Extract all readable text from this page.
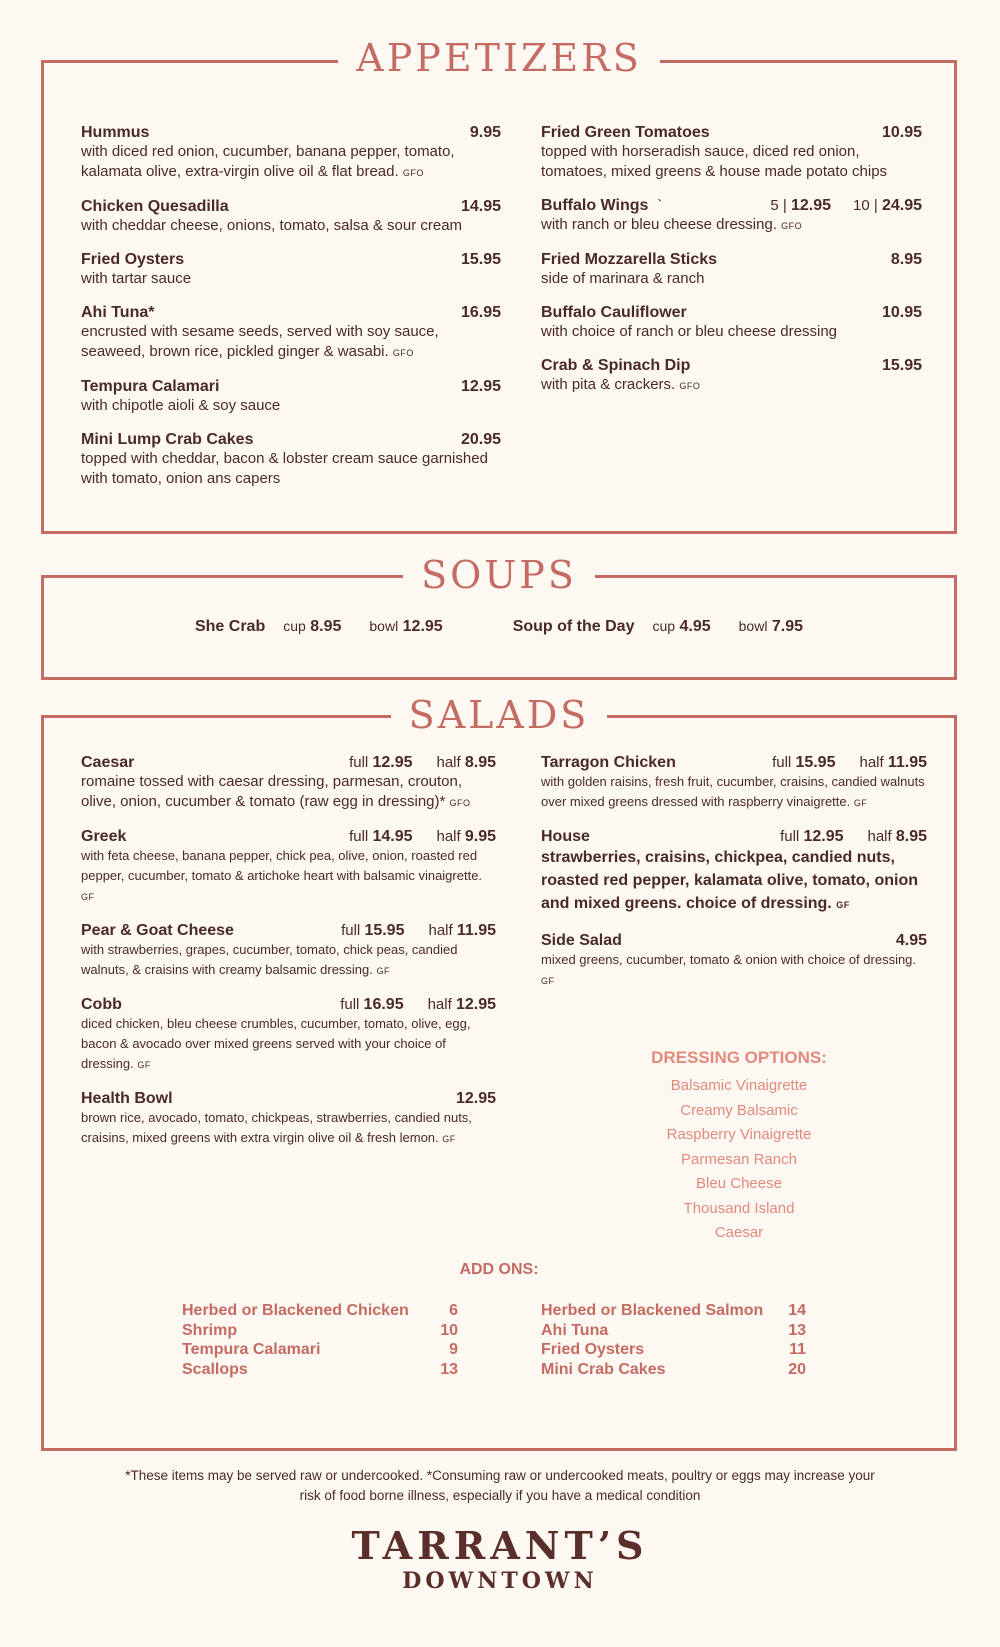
APPETIZERS
Hummus	9.95
with diced red onion, cucumber, banana pepper, tomato, kalamata olive, extra-virgin olive oil & flat bread. GFO
Chicken Quesadilla	14.95
with cheddar cheese, onions, tomato, salsa & sour cream
Fried Oysters	15.95
with tartar sauce
Ahi Tuna*	16.95
encrusted with sesame seeds, served with soy sauce, seaweed, brown rice, pickled ginger & wasabi. GFO
Tempura Calamari	12.95
with chipotle aioli & soy sauce
Mini Lump Crab Cakes	20.95
topped with cheddar, bacon & lobster cream sauce garnished with tomato, onion ans capers
Fried Green Tomatoes	10.95
topped with horseradish sauce, diced red onion, tomatoes, mixed greens & house made potato chips
Buffalo Wings `	5 | 12.95 10 | 24.95
with ranch or bleu cheese dressing. GFO
Fried Mozzarella Sticks	8.95
side of marinara & ranch
Buffalo Cauliflower	10.95
with choice of ranch or bleu cheese dressing
Crab & Spinach Dip	15.95
with pita & crackers. GFO
SOUPS
She Crab cup 8.95 bowl 12.95	Soup of the Day cup 4.95 bowl 7.95
SALADS
Caesar	full 12.95 half 8.95
romaine tossed with caesar dressing, parmesan, crouton, olive, onion, cucumber & tomato (raw egg in dressing)* GFO
Greek	full 14.95 half 9.95
with feta cheese, banana pepper, chick pea, olive, onion, roasted red pepper, cucumber, tomato & artichoke heart with balsamic vinaigrette. GF
Pear & Goat Cheese	full 15.95 half 11.95
with strawberries, grapes, cucumber, tomato, chick peas, candied walnuts, & craisins with creamy balsamic dressing. GF
Cobb	full 16.95 half 12.95
diced chicken, bleu cheese crumbles, cucumber, tomato, olive, egg, bacon & avocado over mixed greens served with your choice of dressing. GF
Health Bowl	12.95
brown rice, avocado, tomato, chickpeas, strawberries, candied nuts, craisins, mixed greens with extra virgin olive oil & fresh lemon. GF
Tarragon Chicken	full 15.95 half 11.95
with golden raisins, fresh fruit, cucumber, craisins, candied walnuts over mixed greens dressed with raspberry vinaigrette. GF
House	full 12.95 half 8.95
strawberries, craisins, chickpea, candied nuts, roasted red pepper, kalamata olive, tomato, onion and mixed greens. choice of dressing. GF
Side Salad	4.95
mixed greens, cucumber, tomato & onion with choice of dressing. GF
DRESSING OPTIONS:
Balsamic Vinaigrette
Creamy Balsamic
Raspberry Vinaigrette
Parmesan Ranch
Bleu Cheese
Thousand Island
Caesar
ADD ONS:
Herbed or Blackened Chicken	6
Shrimp	10
Tempura Calamari	9
Scallops	13
Herbed or Blackened Salmon 14
Ahi Tuna	13
Fried Oysters	11
Mini Crab Cakes	20
*These items may be served raw or undercooked. *Consuming raw or undercooked meats, poultry or eggs may increase your risk of food borne illness, especially if you have a medical condition
TARRANT’S
DOWNTOWN
